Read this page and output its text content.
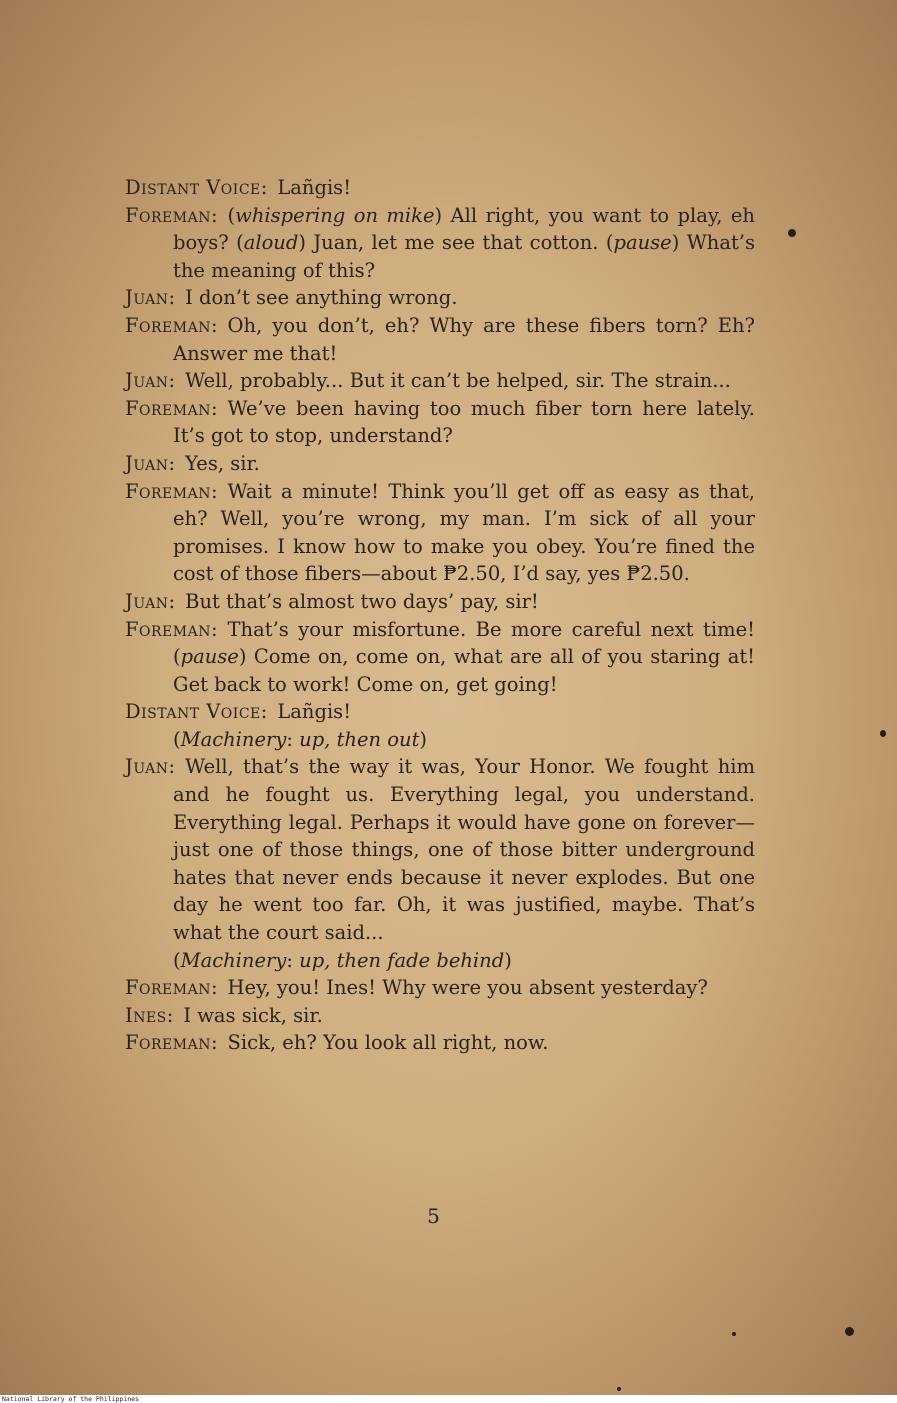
Distant Voice: Lañgis!

Foreman: (whispering on mike) All right, you want to play, eh boys? (aloud) Juan, let me see that cotton. (pause) What’s the meaning of this?

Juan: I don’t see anything wrong.

Foreman: Oh, you don’t, eh? Why are these fibers torn? Eh? Answer me that!

Juan: Well, probably... But it can’t be helped, sir. The strain...

Foreman: We’ve been having too much fiber torn here lately. It’s got to stop, understand?

Juan: Yes, sir.

Foreman: Wait a minute! Think you’ll get off as easy as that, eh? Well, you’re wrong, my man. I’m sick of all your promises. I know how to make you obey. You’re fined the cost of those fibers—about ₱2.50, I’d say, yes ₱2.50.

Juan: But that’s almost two days’ pay, sir!

Foreman: That’s your misfortune. Be more careful next time! (pause) Come on, come on, what are all of you staring at! Get back to work! Come on, get going!

Distant Voice: Lañgis!

(Machinery: up, then out)

Juan: Well, that’s the way it was, Your Honor. We fought him and he fought us. Everything legal, you understand. Everything legal. Perhaps it would have gone on forever—just one of those things, one of those bitter underground hates that never ends because it never explodes. But one day he went too far. Oh, it was justified, maybe. That’s what the court said...

(Machinery: up, then fade behind)

Foreman: Hey, you! Ines! Why were you absent yesterday?

Ines: I was sick, sir.

Foreman: Sick, eh? You look all right, now.

5
National Library of the Philippines
